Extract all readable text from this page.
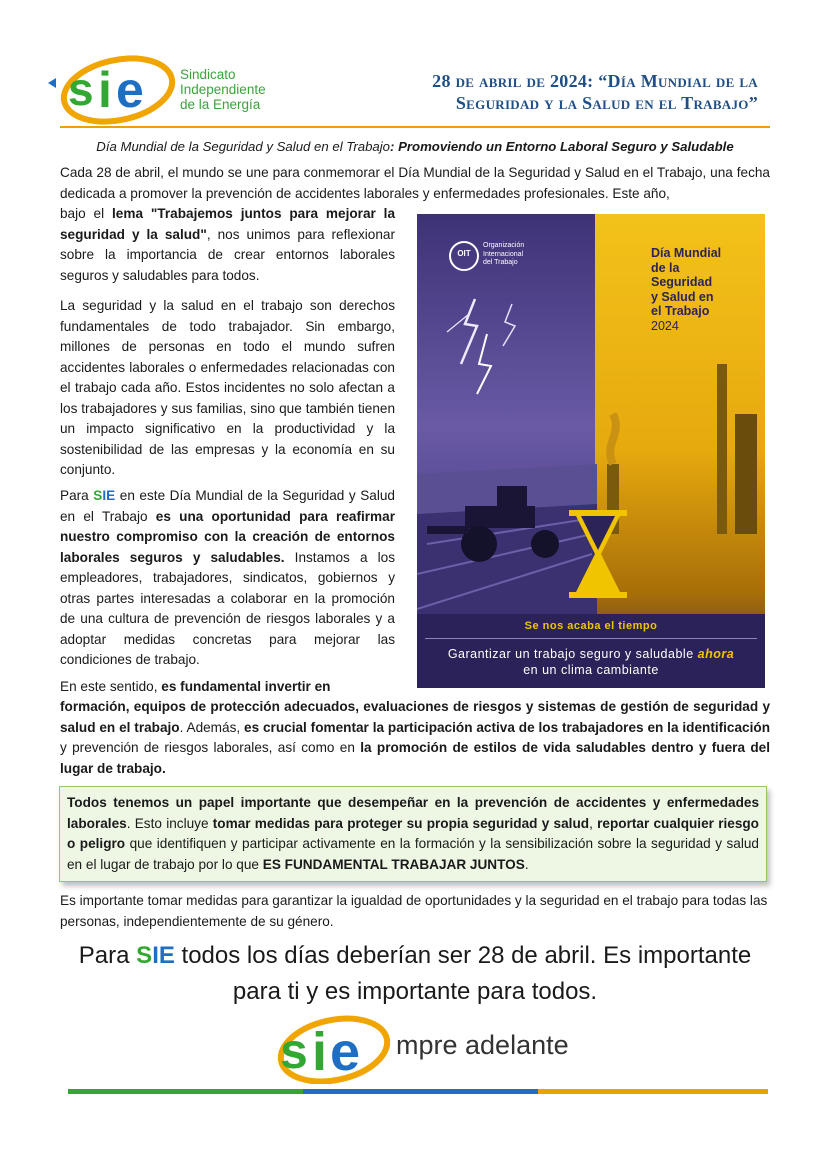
s i e	Sindicato
Independiente
de la Energía
28 de abril de 2024: “Día Mundial de la
Seguridad y la Salud en el Trabajo”
Día Mundial de la Seguridad y Salud en el Trabajo: Promoviendo un Entorno Laboral Seguro y Saludable
Cada 28 de abril, el mundo se une para conmemorar el Día Mundial de la Seguridad y Salud en el Trabajo, una fecha dedicada a promover la prevención de accidentes laborales y enfermedades profesionales. Este año,
bajo el lema "Trabajemos juntos para mejorar la seguridad y la salud", nos unimos para reflexionar sobre la importancia de crear entornos laborales seguros y saludables para todos.
La seguridad y la salud en el trabajo son derechos fundamentales de todo trabajador. Sin embargo, millones de personas en todo el mundo sufren accidentes laborales o enfermedades relacionadas con el trabajo cada año. Estos incidentes no solo afectan a los trabajadores y sus familias, sino que también tienen un impacto significativo en la productividad y la sostenibilidad de las empresas y la economía en su conjunto.
Para SIE en este Día Mundial de la Seguridad y Salud en el Trabajo es una oportunidad para reafirmar nuestro compromiso con la creación de entornos laborales seguros y saludables. Instamos a los empleadores, trabajadores, sindicatos, gobiernos y otras partes interesadas a colaborar en la promoción de una cultura de prevención de riesgos laborales y a adoptar medidas concretas para mejorar las condiciones de trabajo.
En este sentido, es fundamental invertir en
formación, equipos de protección adecuados, evaluaciones de riesgos y sistemas de gestión de seguridad y salud en el trabajo. Además, es crucial fomentar la participación activa de los trabajadores en la identificación y prevención de riesgos laborales, así como en la promoción de estilos de vida saludables dentro y fuera del lugar de trabajo.
OIT
Organización
Internacional
del Trabajo
Día Mundial
de la
Seguridad
y Salud en
el Trabajo
2024
Se nos acaba el tiempo
Garantizar un trabajo seguro y saludable ahora
en un clima cambiante
Todos tenemos un papel importante que desempeñar en la prevención de accidentes y enfermedades laborales. Esto incluye tomar medidas para proteger su propia seguridad y salud, reportar cualquier riesgo o peligro que identifiquen y participar activamente en la formación y la sensibilización sobre la seguridad y salud en el lugar de trabajo por lo que ES FUNDAMENTAL TRABAJAR JUNTOS.
Es importante tomar medidas para garantizar la igualdad de oportunidades y la seguridad en el trabajo para todas las personas, independientemente de su género.
Para SIE todos los días deberían ser 28 de abril. Es importante
para ti y es importante para todos.
s i e mpre adelante
